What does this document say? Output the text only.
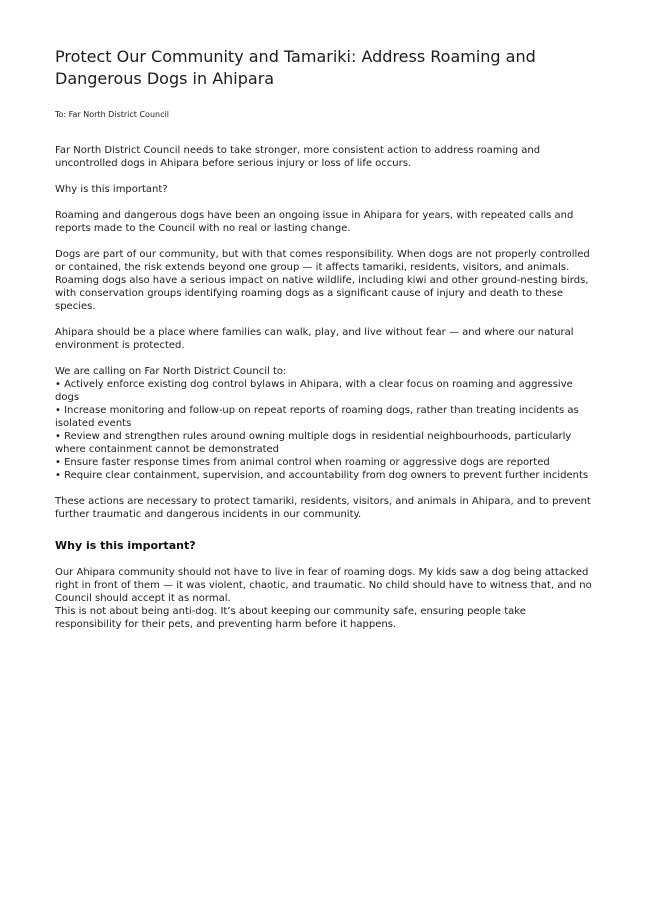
Protect Our Community and Tamariki: Address Roaming and Dangerous Dogs in Ahipara
To: Far North District Council

Far North District Council needs to take stronger, more consistent action to address roaming and uncontrolled dogs in Ahipara before serious injury or loss of life occurs.

Why is this important?

Roaming and dangerous dogs have been an ongoing issue in Ahipara for years, with repeated calls and reports made to the Council with no real or lasting change.

Dogs are part of our community, but with that comes responsibility. When dogs are not properly controlled or contained, the risk extends beyond one group — it affects tamariki, residents, visitors, and animals. Roaming dogs also have a serious impact on native wildlife, including kiwi and other ground-nesting birds, with conservation groups identifying roaming dogs as a significant cause of injury and death to these species.

Ahipara should be a place where families can walk, play, and live without fear — and where our natural environment is protected.

We are calling on Far North District Council to:
• Actively enforce existing dog control bylaws in Ahipara, with a clear focus on roaming and aggressive dogs
• Increase monitoring and follow-up on repeat reports of roaming dogs, rather than treating incidents as isolated events
• Review and strengthen rules around owning multiple dogs in residential neighbourhoods, particularly where containment cannot be demonstrated
• Ensure faster response times from animal control when roaming or aggressive dogs are reported
• Require clear containment, supervision, and accountability from dog owners to prevent further incidents

These actions are necessary to protect tamariki, residents, visitors, and animals in Ahipara, and to prevent further traumatic and dangerous incidents in our community.

Why is this important?

Our Ahipara community should not have to live in fear of roaming dogs. My kids saw a dog being attacked right in front of them — it was violent, chaotic, and traumatic. No child should have to witness that, and no Council should accept it as normal.
This is not about being anti-dog. It’s about keeping our community safe, ensuring people take responsibility for their pets, and preventing harm before it happens.
